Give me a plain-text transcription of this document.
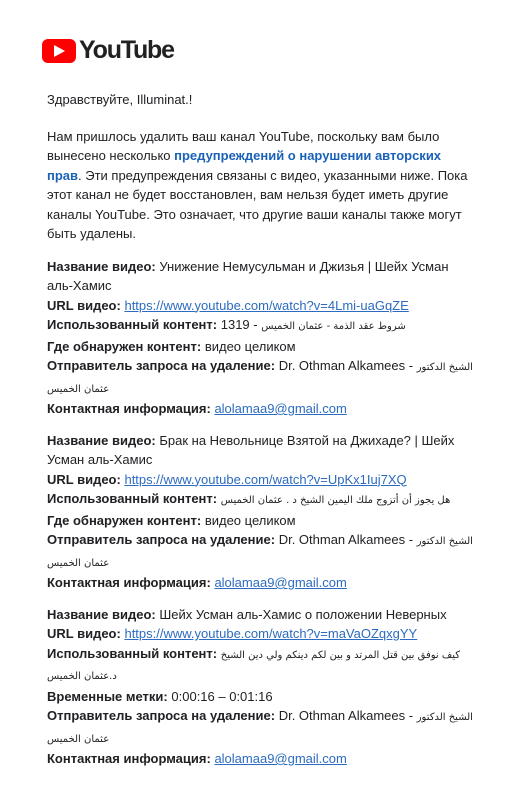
YouTube
Здравствуйте, Illuminat.!
Нам пришлось удалить ваш канал YouTube, поскольку вам было вынесено несколько предупреждений о нарушении авторских прав. Эти предупреждения связаны с видео, указанными ниже. Пока этот канал не будет восстановлен, вам нельзя будет иметь другие каналы YouTube. Это означает, что другие ваши каналы также могут быть удалены.
Название видео: Унижение Немусульман и Джизья | Шейх Усман аль-Хамис
URL видео: https://www.youtube.com/watch?v=4Lmi-uaGqZE
Использованный контент: 1319 - شروط عقد الذمة - عثمان الخميس
Где обнаружен контент: видео целиком
Отправитель запроса на удаление: Dr. Othman Alkamees - الشيخ الدكتور عثمان الخميس
Контактная информация: alolamaa9@gmail.com
Название видео: Брак на Невольнице Взятой на Джихаде? | Шейх Усман аль-Хамис
URL видео: https://www.youtube.com/watch?v=UpKx1Iuj7XQ
Использованный контент: هل يجوز أن أتزوج ملك اليمين الشيخ د . عثمان الخميس
Где обнаружен контент: видео целиком
Отправитель запроса на удаление: Dr. Othman Alkamees - الشيخ الدكتور عثمان الخميس
Контактная информация: alolamaa9@gmail.com
Название видео: Шейх Усман аль-Хамис о положении Неверных
URL видео: https://www.youtube.com/watch?v=maVaOZqxgYY
Использованный контент: كيف نوفق بين قتل المرتد و بين لكم دينكم ولي دين الشيخ د.عثمان الخميس
Временные метки: 0:00:16 – 0:01:16
Отправитель запроса на удаление: Dr. Othman Alkamees - الشيخ الدكتور عثمان الخميس
Контактная информация: alolamaa9@gmail.com
